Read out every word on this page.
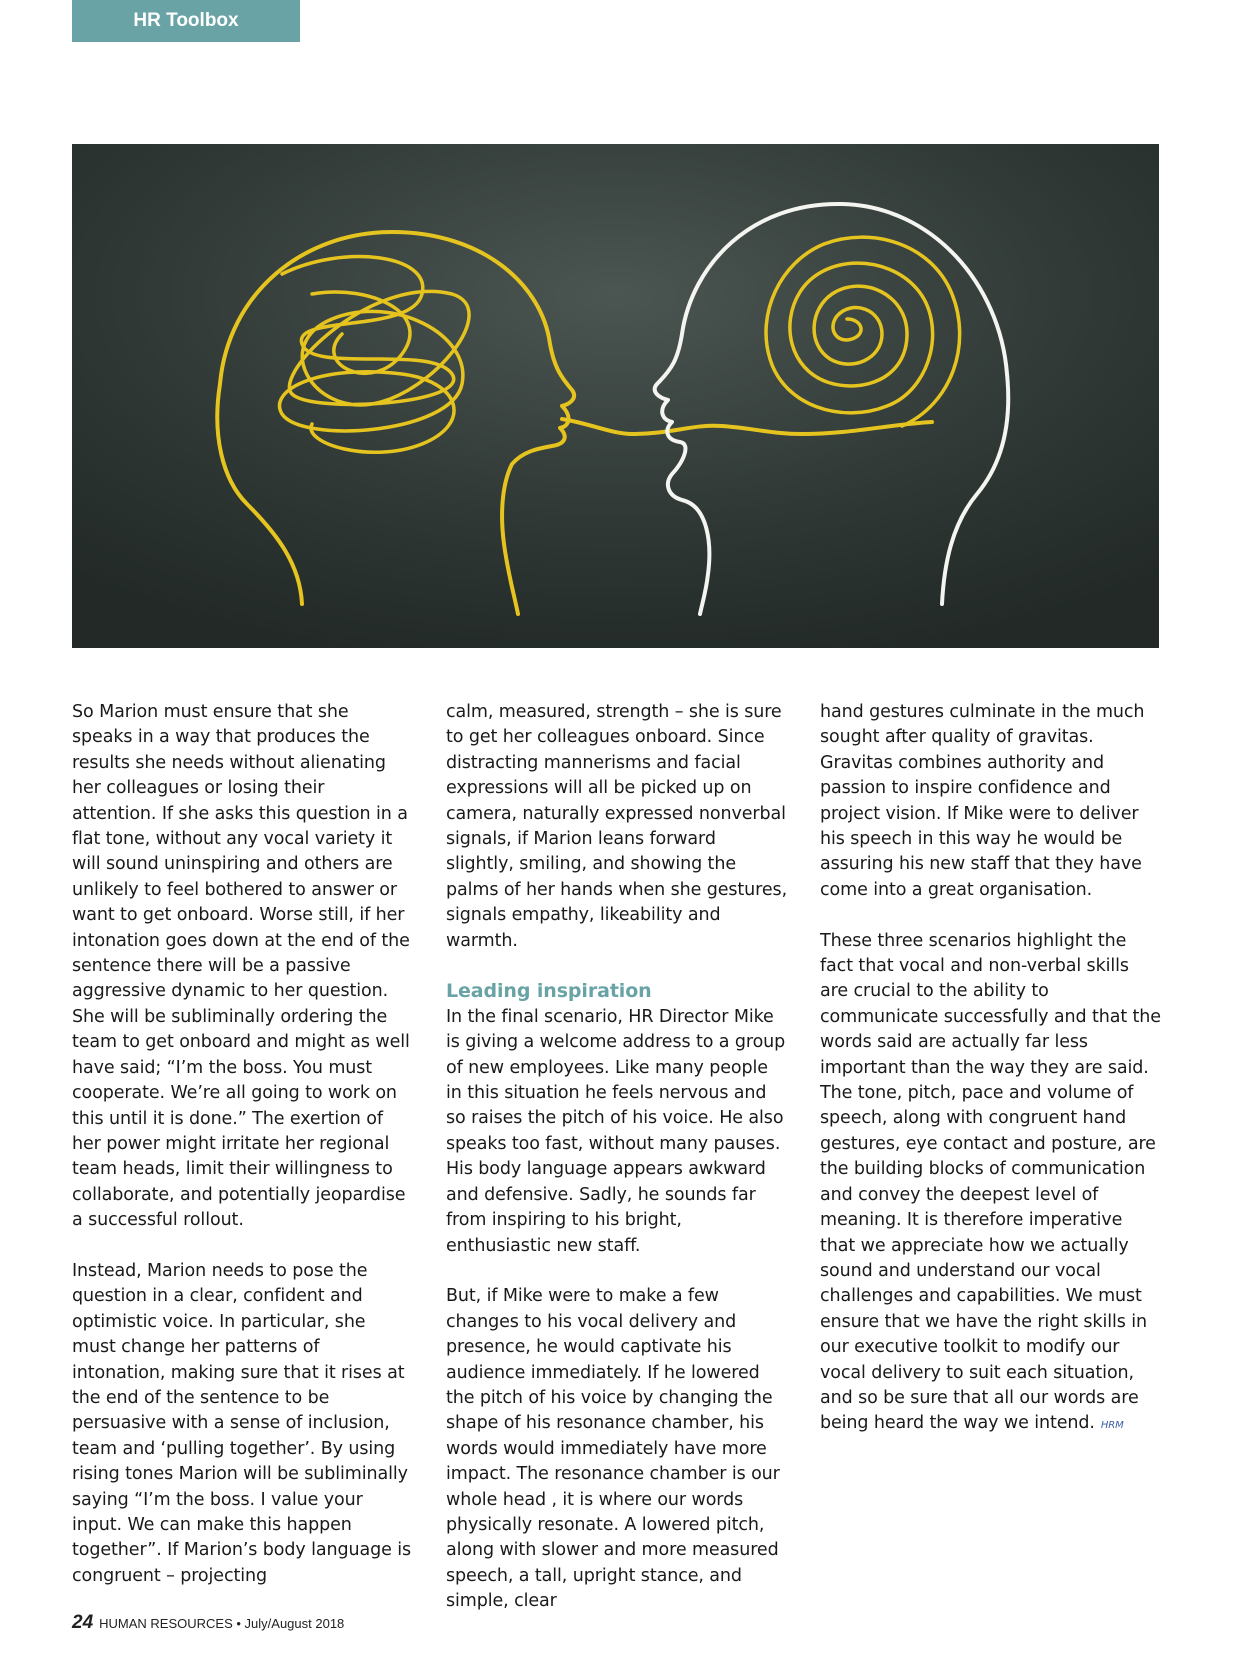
HR Toolbox

So Marion must ensure that she speaks in a way that produces the results she needs without alienating her colleagues or losing their attention. If she asks this question in a flat tone, without any vocal variety it will sound uninspiring and others are unlikely to feel bothered to answer or want to get onboard. Worse still, if her intonation goes down at the end of the sentence there will be a passive aggressive dynamic to her question. She will be subliminally ordering the team to get onboard and might as well have said; “I’m the boss. You must cooperate. We’re all going to work on this until it is done.” The exertion of her power might irritate her regional team heads, limit their willingness to collaborate, and potentially jeopardise a successful rollout.

Instead, Marion needs to pose the question in a clear, confident and optimistic voice. In particular, she must change her patterns of intonation, making sure that it rises at the end of the sentence to be persuasive with a sense of inclusion, team and ‘pulling together’. By using rising tones Marion will be subliminally saying “I’m the boss. I value your input. We can make this happen together”. If Marion’s body language is congruent – projecting

calm, measured, strength – she is sure to get her colleagues onboard. Since distracting mannerisms and facial expressions will all be picked up on camera, naturally expressed nonverbal signals, if Marion leans forward slightly, smiling, and showing the palms of her hands when she gestures, signals empathy, likeability and warmth.

Leading inspiration

In the final scenario, HR Director Mike is giving a welcome address to a group of new employees. Like many people in this situation he feels nervous and so raises the pitch of his voice. He also speaks too fast, without many pauses. His body language appears awkward and defensive. Sadly, he sounds far from inspiring to his bright, enthusiastic new staff.

But, if Mike were to make a few changes to his vocal delivery and presence, he would captivate his audience immediately. If he lowered the pitch of his voice by changing the shape of his resonance chamber, his words would immediately have more impact. The resonance chamber is our whole head , it is where our words physically resonate. A lowered pitch, along with slower and more measured speech, a tall, upright stance, and simple, clear

hand gestures culminate in the much sought after quality of gravitas. Gravitas combines authority and passion to inspire confidence and project vision. If Mike were to deliver his speech in this way he would be assuring his new staff that they have come into a great organisation.

These three scenarios highlight the fact that vocal and non-verbal skills are crucial to the ability to communicate successfully and that the words said are actually far less important than the way they are said. The tone, pitch, pace and volume of speech, along with congruent hand gestures, eye contact and posture, are the building blocks of communication and convey the deepest level of meaning. It is therefore imperative that we appreciate how we actually sound and understand our vocal challenges and capabilities. We must ensure that we have the right skills in our executive toolkit to modify our vocal delivery to suit each situation, and so be sure that all our words are being heard the way we intend. HRM

24 HUMAN RESOURCES • July/August 2018
